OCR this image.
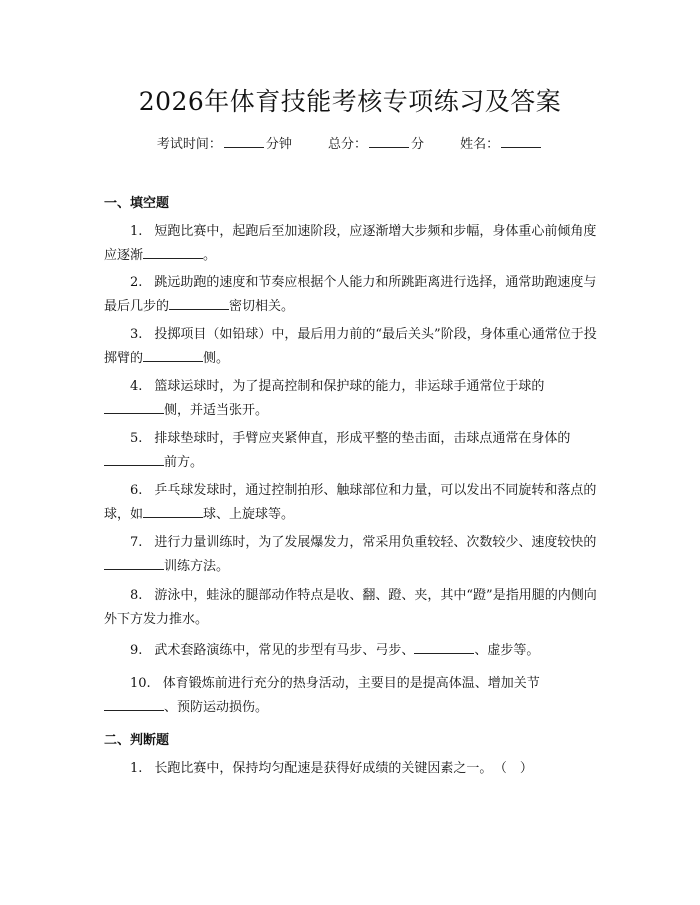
2026年体育技能考核专项练习及答案
考试时间：	分钟	总分：	分	姓名：
一、填空题
1. 短跑比赛中，起跑后至加速阶段，应逐渐增大步频和步幅，身体重心前倾角度应逐渐	。
2. 跳远助跑的速度和节奏应根据个人能力和所跳距离进行选择，通常助跑速度与最后几步的	密切相关。
3. 投掷项目（如铅球）中，最后用力前的“最后关头”阶段，身体重心通常位于投掷臂的	侧。
4. 篮球运球时，为了提高控制和保护球的能力，非运球手通常位于球的侧，并适当张开。
5. 排球垫球时，手臂应夹紧伸直，形成平整的垫击面，击球点通常在身体的前方。
6. 乒乓球发球时，通过控制拍形、触球部位和力量，可以发出不同旋转和落点的球，如	球、上旋球等。
7. 进行力量训练时，为了发展爆发力，常采用负重较轻、次数较少、速度较快的训练方法。
8. 游泳中，蛙泳的腿部动作特点是收、翻、蹬、夹，其中“蹬”是指用腿的内侧向外下方发力推水。
9. 武术套路演练中，常见的步型有马步、弓步、	、虚步等。
10. 体育锻炼前进行充分的热身活动，主要目的是提高体温、增加关节、预防运动损伤。
二、判断题
1. 长跑比赛中，保持均匀配速是获得好成绩的关键因素之一。 （　）
